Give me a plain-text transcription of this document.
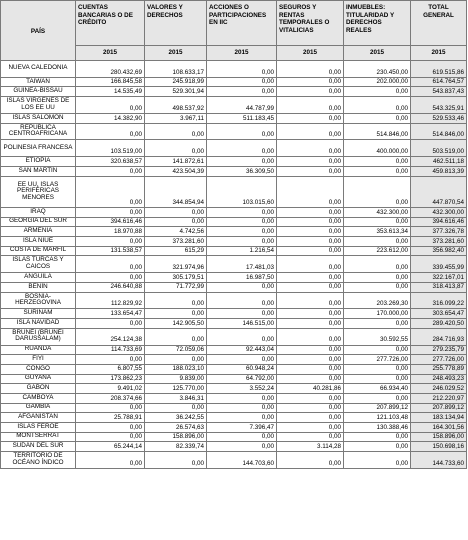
PAÍS	CUENTAS BANCARIAS O DE CRÉDITO	VALORES Y DERECHOS	ACCIONES O PARTICIPACIONES EN IIC	SEGUROS Y RENTAS TEMPORALES O VITALICIAS	INMUEBLES: TITULARIDAD Y DERECHOS REALES	TOTAL GENERAL
	2015	2015	2015	2015	2015	2015
NUEVA CALEDONIA	280.432,69	108.633,17	0,00	0,00	230.450,00	619.515,86
TAIWAN	166.845,58	245.918,99	0,00	0,00	202.000,00	614.764,57
GUINEA-BISSAU	14.535,49	529.301,94	0,00	0,00	0,00	543.837,43
ISLAS VIRGENES DE LOS EE UU	0,00	498.537,92	44.787,99	0,00	0,00	543.325,91
ISLAS SALOMÓN	14.382,90	3.967,11	511.183,45	0,00	0,00	529.533,46
REPÚBLICA CENTROAFRICANA	0,00	0,00	0,00	0,00	514.846,00	514.846,00
POLINESIA FRANCESA	103.519,00	0,00	0,00	0,00	400.000,00	503.519,00
ETIOPÍA	320.638,57	141.872,61	0,00	0,00	0,00	462.511,18
SAN MARTIN	0,00	423.504,39	36.309,50	0,00	0,00	459.813,39
EE UU, ISLAS PERIFÉRICAS MENORES	0,00	344.854,94	103.015,60	0,00	0,00	447.870,54
IRAQ	0,00	0,00	0,00	0,00	432.300,00	432.300,00
GEORGIA DEL SUR	394.616,46	0,00	0,00	0,00	0,00	394.616,46
ARMENIA	18.970,88	4.742,56	0,00	0,00	353.613,34	377.326,78
ISLA NIUE	0,00	373.281,60	0,00	0,00	0,00	373.281,60
COSTA DE MARFIL	131.538,57	615,29	1.216,54	0,00	223.612,00	356.982,40
ISLAS TURCAS Y CAICOS	0,00	321.974,96	17.481,03	0,00	0,00	339.455,99
ANGUILA	0,00	305.179,51	16.987,50	0,00	0,00	322.167,01
BENÍN	246.640,88	71.772,99	0,00	0,00	0,00	318.413,87
BOSNIA-HERZEGOVINA	112.829,92	0,00	0,00	0,00	203.269,30	316.099,22
SURINAM	133.654,47	0,00	0,00	0,00	170.000,00	303.654,47
ISLA NAVIDAD	0,00	142.905,50	146.515,00	0,00	0,00	289.420,50
BRUNÉI (BRUNÉI DARUSSALAM)	254.124,38	0,00	0,00	0,00	30.592,55	284.716,93
RUANDA	114.733,69	72.059,06	92.443,04	0,00	0,00	279.235,79
FIYI	0,00	0,00	0,00	0,00	277.726,00	277.726,00
CONGO	6.807,55	188.023,10	60.948,24	0,00	0,00	255.778,89
GUYANA	173.862,23	9.839,00	64.792,00	0,00	0,00	248.493,23
GABÓN	9.491,02	125.770,00	3.552,24	40.281,86	66.934,40	246.029,52
CAMBOYA	208.374,66	3.846,31	0,00	0,00	0,00	212.220,97
GAMBIA	0,00	0,00	0,00	0,00	207.899,12	207.899,12
AFGANISTAN	25.788,91	36.242,55	0,00	0,00	121.103,48	183.134,94
ISLAS FEROE	0,00	26.574,63	7.396,47	0,00	130.388,46	164.301,56
MONTSERRAT	0,00	158.896,00	0,00	0,00	0,00	158.896,00
SUDÁN DEL SUR	65.244,14	82.339,74	0,00	3.114,28	0,00	150.698,16
TERRITORIO DE OCÉANO ÍNDICO	0,00	0,00	144.703,60	0,00	0,00	144.733,60
